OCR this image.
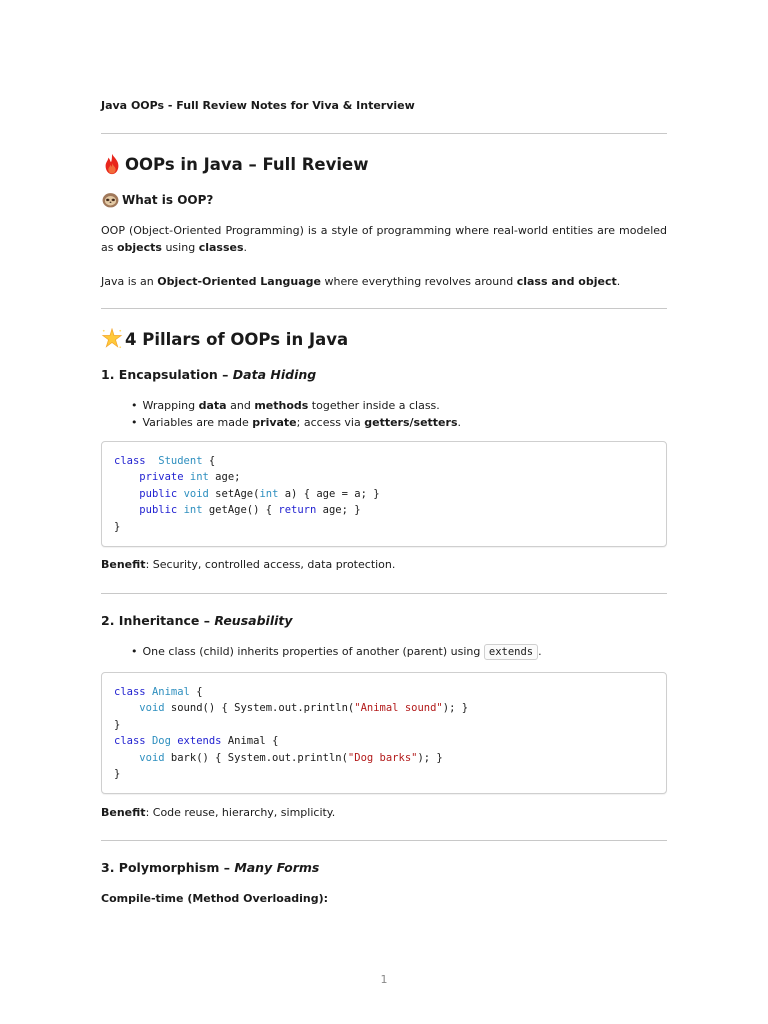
Java OOPs - Full Review Notes for Viva & Interview
OOPs in Java – Full Review
What is OOP?
OOP (Object-Oriented Programming) is a style of programming where real-world entities are modeled as objects using classes.
Java is an Object-Oriented Language where everything revolves around class and object.
4 Pillars of OOPs in Java
1. Encapsulation – Data Hiding
• Wrapping data and methods together inside a class.
• Variables are made private; access via getters/setters.
class Student {
private int age;
public void setAge(int a) { age = a; }
public int getAge() { return age; }
}
Benefit: Security, controlled access, data protection.
2. Inheritance – Reusability
• One class (child) inherits properties of another (parent) using extends .
class Animal {
void sound() { System.out.println("Animal sound"); }
}
class Dog extends Animal {
void bark() { System.out.println("Dog barks"); }
}
Benefit: Code reuse, hierarchy, simplicity.
3. Polymorphism – Many Forms
Compile-time (Method Overloading):
1
